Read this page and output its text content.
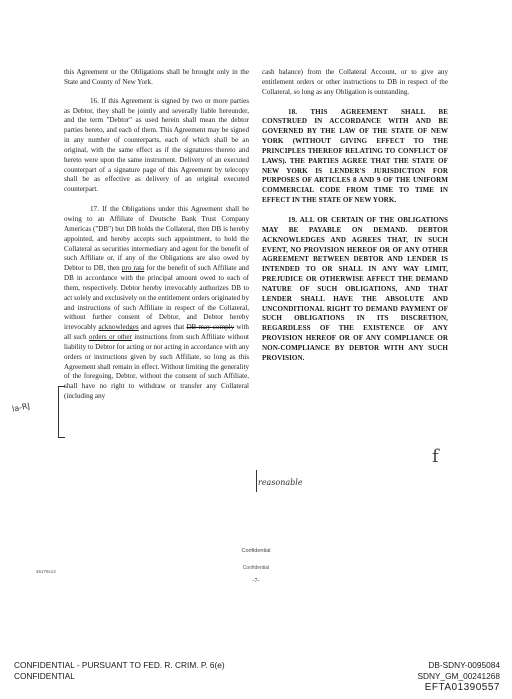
this Agreement or the Obligations shall be brought only in the State and County of New York.

16. If this Agreement is signed by two or more parties as Debtor, they shall be jointly and severally liable hereunder, and the term "Debtor" as used herein shall mean the debtor parties hereto, and each of them. This Agreement may be signed in any number of counterparts, each of which shall be an original, with the same effect as if the signatures thereto and hereto were upon the same instrument. Delivery of an executed counterpart of a signature page of this Agreement by telecopy shall be as effective as delivery of an original executed counterpart.

17. If the Obligations under this Agreement shall be owing to an Affiliate of Deutsche Bank Trust Company Americas ("DB") but DB holds the Collateral, then DB is hereby appointed, and hereby accepts such appointment, to hold the Collateral as securities intermediary and agent for the benefit of such Affiliate or, if any of the Obligations are also owed by Debtor to DB, then pro rata for the benefit of such Affiliate and DB in accordance with the principal amount owed to each of them, respectively. Debtor hereby irrevocably authorizes DB to act solely and exclusively on the entitlement orders originated by and instructions of such Affiliate in respect of the Collateral, without further consent of Debtor, and Debtor hereby irrevocably acknowledges and agrees that DB may comply with all such orders or other instructions from such Affiliate without liability to Debtor for acting or not acting in accordance with any orders or instructions given by such Affiliate, so long as this Agreement shall remain in effect. Without limiting the generality of the foregoing, Debtor, without the consent of such Affiliate, shall have no right to withdraw or transfer any Collateral (including any

cash balance) from the Collateral Account, or to give any entitlement orders or other instructions to DB in respect of the Collateral, so long as any Obligation is outstanding.

18. THIS AGREEMENT SHALL BE CONSTRUED IN ACCORDANCE WITH AND BE GOVERNED BY THE LAW OF THE STATE OF NEW YORK (WITHOUT GIVING EFFECT TO THE PRINCIPLES THEREOF RELATING TO CONFLICT OF LAWS). THE PARTIES AGREE THAT THE STATE OF NEW YORK IS LENDER'S JURISDICTION FOR PURPOSES OF ARTICLES 8 AND 9 OF THE UNIFORM COMMERCIAL CODE FROM TIME TO TIME IN EFFECT IN THE STATE OF NEW YORK.

19. ALL OR CERTAIN OF THE OBLIGATIONS MAY BE PAYABLE ON DEMAND. DEBTOR ACKNOWLEDGES AND AGREES THAT, IN SUCH EVENT, NO PROVISION HEREOF OR OF ANY OTHER AGREEMENT BETWEEN DEBTOR AND LENDER IS INTENDED TO OR SHALL IN ANY WAY LIMIT, PREJUDICE OR OTHERWISE AFFECT THE DEMAND NATURE OF SUCH OBLIGATIONS, AND THAT LENDER SHALL HAVE THE ABSOLUTE AND UNCONDITIONAL RIGHT TO DEMAND PAYMENT OF SUCH OBLIGATIONS IN ITS DISCRETION, REGARDLESS OF THE EXISTENCE OF ANY PROVISION HEREOF OR OF ANY COMPLIANCE OR NON-COMPLIANCE BY DEBTOR WITH ANY SUCH PROVISION.

la-RJ
reasonable
f
Confidential
46178v13
Confidential
-7-
CONFIDENTIAL - PURSUANT TO FED. R. CRIM. P. 6(e)
CONFIDENTIAL
DB-SDNY-0095084
SDNY_GM_00241268
EFTA01390557
